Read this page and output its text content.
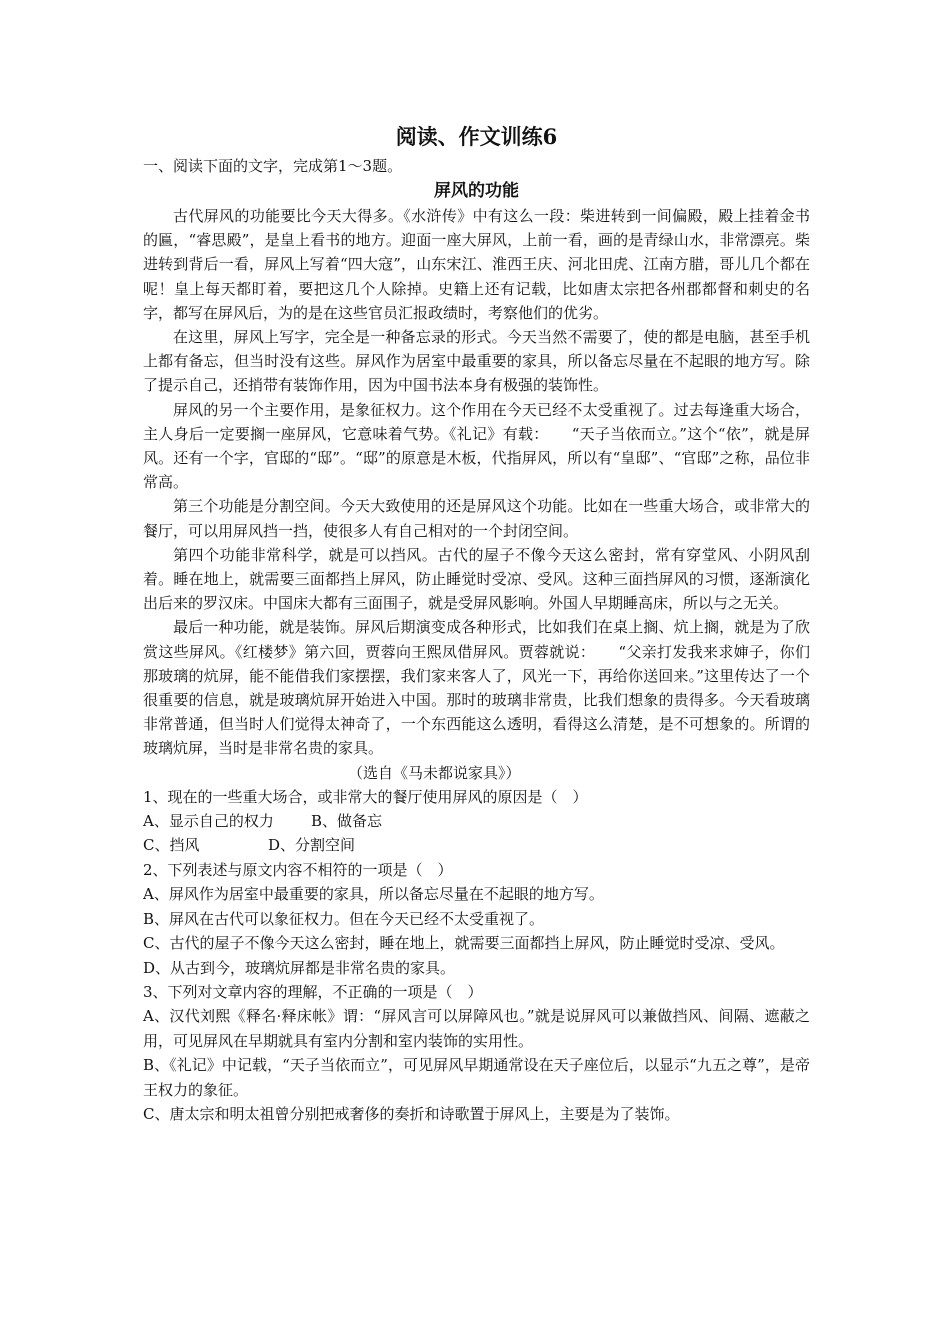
阅读、作文训练6

一、阅读下面的文字，完成第1～3题。

屏风的功能

古代屏风的功能要比今天大得多。《水浒传》中有这么一段：柴进转到一间偏殿，殿上挂着金书的匾，“睿思殿”，是皇上看书的地方。迎面一座大屏风，上前一看，画的是青绿山水，非常漂亮。柴进转到背后一看，屏风上写着“四大寇”，山东宋江、淮西王庆、河北田虎、江南方腊，哥儿几个都在呢！皇上每天都盯着，要把这几个人除掉。史籍上还有记载，比如唐太宗把各州郡都督和刺史的名字，都写在屏风后，为的是在这些官员汇报政绩时，考察他们的优劣。

在这里，屏风上写字，完全是一种备忘录的形式。今天当然不需要了，使的都是电脑，甚至手机上都有备忘，但当时没有这些。屏风作为居室中最重要的家具，所以备忘尽量在不起眼的地方写。除了提示自己，还捎带有装饰作用，因为中国书法本身有极强的装饰性。

屏风的另一个主要作用，是象征权力。这个作用在今天已经不太受重视了。过去每逢重大场合，主人身后一定要搁一座屏风，它意味着气势。《礼记》有载：　　“天子当依而立。”这个“依”，就是屏风。还有一个字，官邸的“邸”。“邸”的原意是木板，代指屏风，所以有“皇邸”、“官邸”之称，品位非常高。

第三个功能是分割空间。今天大致使用的还是屏风这个功能。比如在一些重大场合，或非常大的餐厅，可以用屏风挡一挡，使很多人有自己相对的一个封闭空间。

第四个功能非常科学，就是可以挡风。古代的屋子不像今天这么密封，常有穿堂风、小阴风刮着。睡在地上，就需要三面都挡上屏风，防止睡觉时受凉、受风。这种三面挡屏风的习惯，逐渐演化出后来的罗汉床。中国床大都有三面围子，就是受屏风影响。外国人早期睡高床，所以与之无关。

最后一种功能，就是装饰。屏风后期演变成各种形式，比如我们在桌上搁、炕上搁，就是为了欣赏这些屏风。《红楼梦》第六回，贾蓉向王熙凤借屏风。贾蓉就说：　　“父亲打发我来求婶子，你们那玻璃的炕屏，能不能借我们家摆摆，我们家来客人了，风光一下，再给你送回来。”这里传达了一个很重要的信息，就是玻璃炕屏开始进入中国。那时的玻璃非常贵，比我们想象的贵得多。今天看玻璃非常普通，但当时人们觉得太神奇了，一个东西能这么透明，看得这么清楚，是不可想象的。所谓的玻璃炕屏，当时是非常名贵的家具。

（选自《马未都说家具》）

1、现在的一些重大场合，或非常大的餐厅使用屏风的原因是（　）

A、显示自己的权力	B、做备忘
C、挡风	D、分割空间

2、下列表述与原文内容不相符的一项是（　）

A、屏风作为居室中最重要的家具，所以备忘尽量在不起眼的地方写。

B、屏风在古代可以象征权力。但在今天已经不太受重视了。

C、古代的屋子不像今天这么密封，睡在地上，就需要三面都挡上屏风，防止睡觉时受凉、受风。

D、从古到今，玻璃炕屏都是非常名贵的家具。

3、下列对文章内容的理解，不正确的一项是（　）

A、汉代刘熙《释名·释床帐》谓：“屏风言可以屏障风也。”就是说屏风可以兼做挡风、间隔、遮蔽之用，可见屏风在早期就具有室内分割和室内装饰的实用性。

B、《礼记》中记载，“天子当依而立”，可见屏风早期通常设在天子座位后，以显示“九五之尊”，是帝王权力的象征。

C、唐太宗和明太祖曾分别把戒奢侈的奏折和诗歌置于屏风上，主要是为了装饰。
